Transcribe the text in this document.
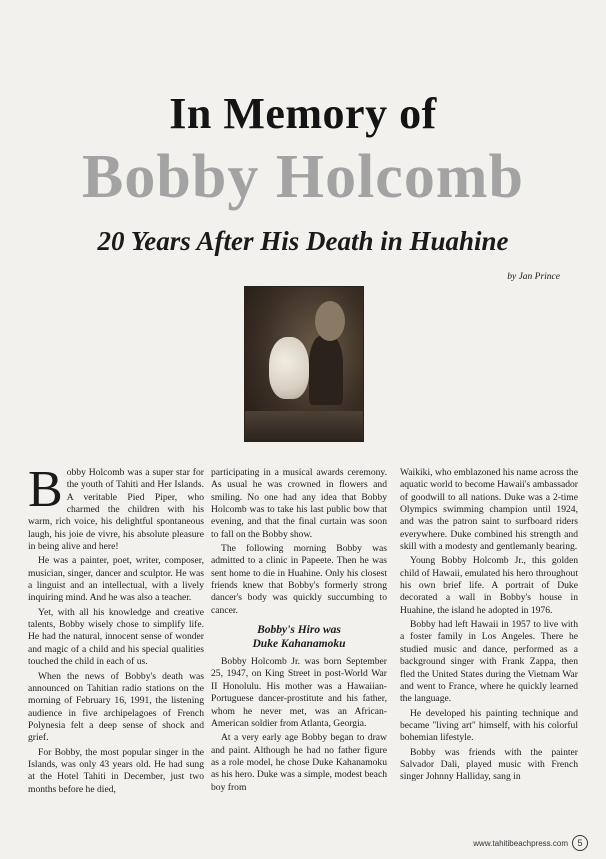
In Memory of
Bobby Holcomb
20 Years After His Death in Huahine
by Jan Prince

Bobby Holcomb was a super star for the youth of Tahiti and Her Islands. A veritable Pied Piper, who charmed the children with his warm, rich voice, his delightful spontaneous laugh, his joie de vivre, his absolute pleasure in being alive and here!

He was a painter, poet, writer, composer, musician, singer, dancer and sculptor. He was a linguist and an intellectual, with a lively inquiring mind. And he was also a teacher.

Yet, with all his knowledge and creative talents, Bobby wisely chose to simplify life. He had the natural, innocent sense of wonder and magic of a child and his special qualities touched the child in each of us.

When the news of Bobby's death was announced on Tahitian radio stations on the morning of February 16, 1991, the listening audience in five archipelagoes of French Polynesia felt a deep sense of shock and grief.

For Bobby, the most popular singer in the Islands, was only 43 years old. He had sung at the Hotel Tahiti in December, just two months before he died,

participating in a musical awards ceremony. As usual he was crowned in flowers and smiling. No one had any idea that Bobby Holcomb was to take his last public bow that evening, and that the final curtain was soon to fall on the Bobby show.

The following morning Bobby was admitted to a clinic in Papeete. Then he was sent home to die in Huahine. Only his closest friends knew that Bobby's formerly strong dancer's body was quickly succumbing to cancer.

Bobby's Hiro was
Duke Kahanamoku

Bobby Holcomb Jr. was born September 25, 1947, on King Street in post-World War II Honolulu. His mother was a Hawaiian-Portuguese dancer-prostitute and his father, whom he never met, was an African-American soldier from Atlanta, Georgia.

At a very early age Bobby began to draw and paint. Although he had no father figure as a role model, he chose Duke Kahanamoku as his hero. Duke was a simple, modest beach boy from

Waikiki, who emblazoned his name across the aquatic world to become Hawaii's ambassador of goodwill to all nations. Duke was a 2-time Olympics swimming champion until 1924, and was the patron saint to surfboard riders everywhere. Duke combined his strength and skill with a modesty and gentlemanly bearing.

Young Bobby Holcomb Jr., this golden child of Hawaii, emulated his hero throughout his own brief life. A portrait of Duke decorated a wall in Bobby's house in Huahine, the island he adopted in 1976.

Bobby had left Hawaii in 1957 to live with a foster family in Los Angeles. There he studied music and dance, performed as a background singer with Frank Zappa, then fled the United States during the Vietnam War and went to France, where he quickly learned the language.

He developed his painting technique and became "living art" himself, with his colorful bohemian lifestyle.

Bobby was friends with the painter Salvador Dali, played music with French singer Johnny Halliday, sang in

www.tahitibeachpress.com	5
